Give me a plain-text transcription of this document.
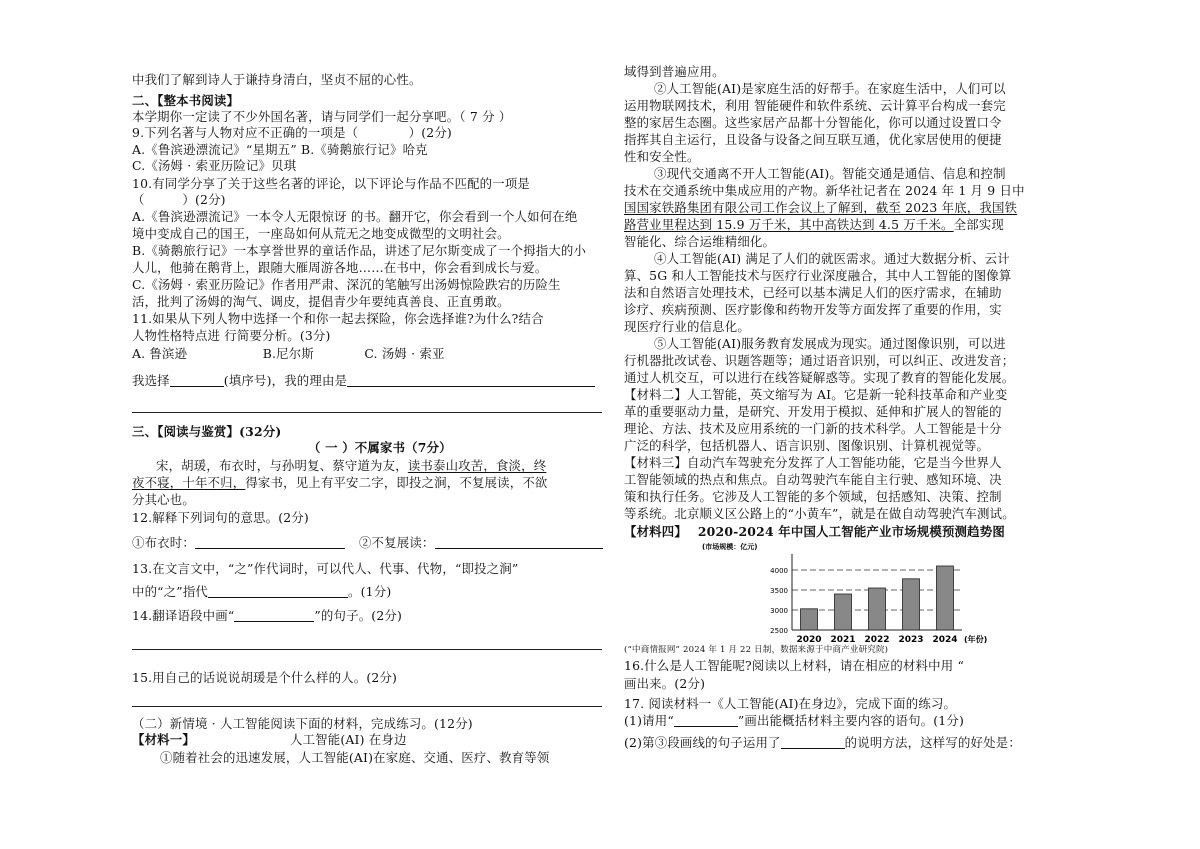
中我们了解到诗人于谦持身清白，坚贞不屈的心性。
二、【整本书阅读】
本学期你一定读了不少外国名著，请与同学们一起分享吧。（ 7 分 ）
9.下列名著与人物对应不正确的一项是（　　　　）(2分)
A.《鲁滨逊漂流记》“星期五” B.《骑鹅旅行记》哈克
C.《汤姆 · 索亚历险记》贝琪
10.有同学分享了关于这些名著的评论，以下评论与作品不匹配的一项是
（　　　）(2分)
A.《鲁滨逊漂流记》一本令人无限惊讶 的书。翻开它，你会看到一个人如何在绝
境中变成自己的国王，一座岛如何从荒无之地变成微型的文明社会。
B.《骑鹅旅行记》一本享誉世界的童话作品，讲述了尼尔斯变成了一个拇指大的小
人儿，他骑在鹅背上，跟随大雁周游各地……在书中，你会看到成长与爱。
C.《汤姆 · 索亚历险记》作者用严肃、深沉的笔触写出汤姆惊险跌宕的历险生
活，批判了汤姆的淘气、调皮，提倡青少年要纯真善良、正直勇敢。
11.如果从下列人物中选择一个和你一起去探险，你会选择谁?为什么?结合
人物性格特点进 行简要分析。(3分)
A. 鲁滨逊　　　　　　B.尼尔斯　　　　C. 汤姆 · 索亚
我选择	(填序号)，我的理由是
三、【阅读与鉴赏】(32分)
（ 一 ）不属家书（7分）
宋，胡瑗，布衣时，与孙明复、蔡守道为友，读书泰山攻苦，食淡，终
夜不寝，十年不归，得家书，见上有平安二字，即投之涧，不复展读，不欲
分其心也。
12.解释下列词句的意思。(2分)
①布衣时：	②不复展读：
13.在文言文中，“之”作代词时，可以代人、代事、代物，“即投之涧”
中的“之”指代	。(1分)
14.翻译语段中画“	”的句子。(2分)
15.用自己的话说说胡瑗是个什么样的人。(2分)
（二）新情境 · 人工智能阅读下面的材料，完成练习。(12分)
【材料一】	人工智能(AI) 在身边
①随着社会的迅速发展，人工智能(AI)在家庭、交通、医疗、教育等领
域得到普遍应用。
②人工智能(AI)是家庭生活的好帮手。在家庭生活中，人们可以
运用物联网技术，利用 智能硬件和软件系统、云计算平台构成一套完
整的家居生态圈。这些家居产品都十分智能化，你可以通过设置口令
指挥其自主运行，且设备与设备之间互联互通，优化家居使用的便捷
性和安全性。
③现代交通离不开人工智能(AI)。智能交通是通信、信息和控制
技术在交通系统中集成应用的产物。新华社记者在 2024 年 1 月 9 日中
国国家铁路集团有限公司工作会议上了解到，截至 2023 年底，我国铁
路营业里程达到 15.9 万千米，其中高铁达到 4.5 万千米。全部实现
智能化、综合运维精细化。
④人工智能(AI) 满足了人们的就医需求。通过大数据分析、云计
算、5G 和人工智能技术与医疗行业深度融合，其中人工智能的图像算
法和自然语言处理技术，已经可以基本满足人们的医疗需求，在辅助
诊疗、疾病预测、医疗影像和药物开发等方面发挥了重要的作用，实
现医疗行业的信息化。
⑤人工智能(AI)服务教育发展成为现实。通过图像识别，可以进
行机器批改试卷、识题答题等；通过语音识别，可以纠正、改进发音；
通过人机交互，可以进行在线答疑解惑等。实现了教育的智能化发展。
【材料二】人工智能，英文缩写为 AI。它是新一轮科技革命和产业变
革的重要驱动力量，是研究、开发用于模拟、延伸和扩展人的智能的
理论、方法、技术及应用系统的一门新的技术科学。人工智能是十分
广泛的科学，包括机器人、语言识别、图像识别、计算机视觉等。
【材料三】自动汽车驾驶充分发挥了人工智能功能，它是当今世界人
工智能领域的热点和焦点。自动驾驶汽车能自主行驶、感知环境、决
策和执行任务。它涉及人工智能的多个领域，包括感知、决策、控制
等系统。北京顺义区公路上的“小黄车”，就是在做自动驾驶汽车测试。
【材料四】　 2020-2024 年中国人工智能产业市场规模预测趋势图
(“中商情报网” 2024 年 1 月 22 日制，数据来源于中商产业研究院)
16.什么是人工智能呢?阅读以上材料，请在相应的材料中用 “
画出来。(2分)
17. 阅读材料一《人工智能(AI)在身边》，完成下面的练习。
(1)请用“	”画出能概括材料主要内容的语句。(1分)
(2)第③段画线的句子运用了	的说明方法，这样写的好处是：
(市场规模：亿元)
4000
3500
3000
2500
2020 2021 2022 2023 2024 (年份)
